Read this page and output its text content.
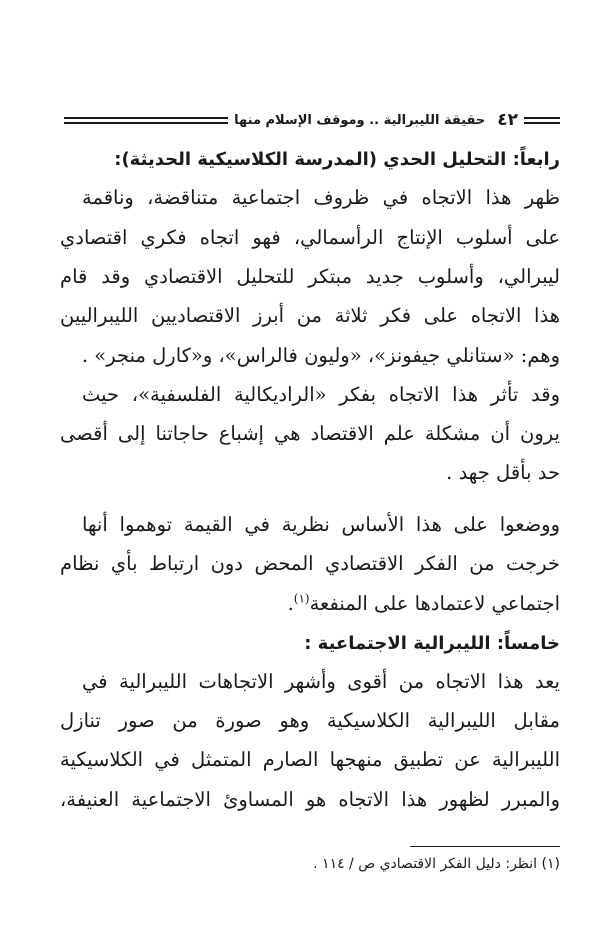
٤٢
حقيقة الليبرالية .. وموقف الإسلام منها
رابعاً: التحليل الحدي (المدرسة الكلاسيكية الحديثة):
ظهر هذا الاتجاه في ظروف اجتماعية متناقضة، وناقمة
على أسلوب الإنتاج الرأسمالي، فهو اتجاه فكري اقتصادي
ليبرالي، وأسلوب جديد مبتكر للتحليل الاقتصادي وقد قام
هذا الاتجاه على فكر ثلاثة من أبرز الاقتصاديين الليبراليين
وهم: «ستانلي جيفونز»، «وليون فالراس»، و«كارل منجر» .
وقد تأثر هذا الاتجاه بفكر «الراديكالية الفلسفية»، حيث
يرون أن مشكلة علم الاقتصاد هي إشباع حاجاتنا إلى أقصى
حد بأقل جهد .
ووضعوا على هذا الأساس نظرية في القيمة توهموا أنها
خرجت من الفكر الاقتصادي المحض دون ارتباط بأي نظام
اجتماعي لاعتمادها على المنفعة$^{(١)}$.
خامساً: الليبرالية الاجتماعية :
يعد هذا الاتجاه من أقوى وأشهر الاتجاهات الليبرالية في
مقابل الليبرالية الكلاسيكية وهو صورة من صور تنازل
الليبرالية عن تطبيق منهجها الصارم المتمثل في الكلاسيكية
والمبرر لظهور هذا الاتجاه هو المساوئ الاجتماعية العنيفة،
(١) انظر: دليل الفكر الاقتصادي ص / ١١٤ .
